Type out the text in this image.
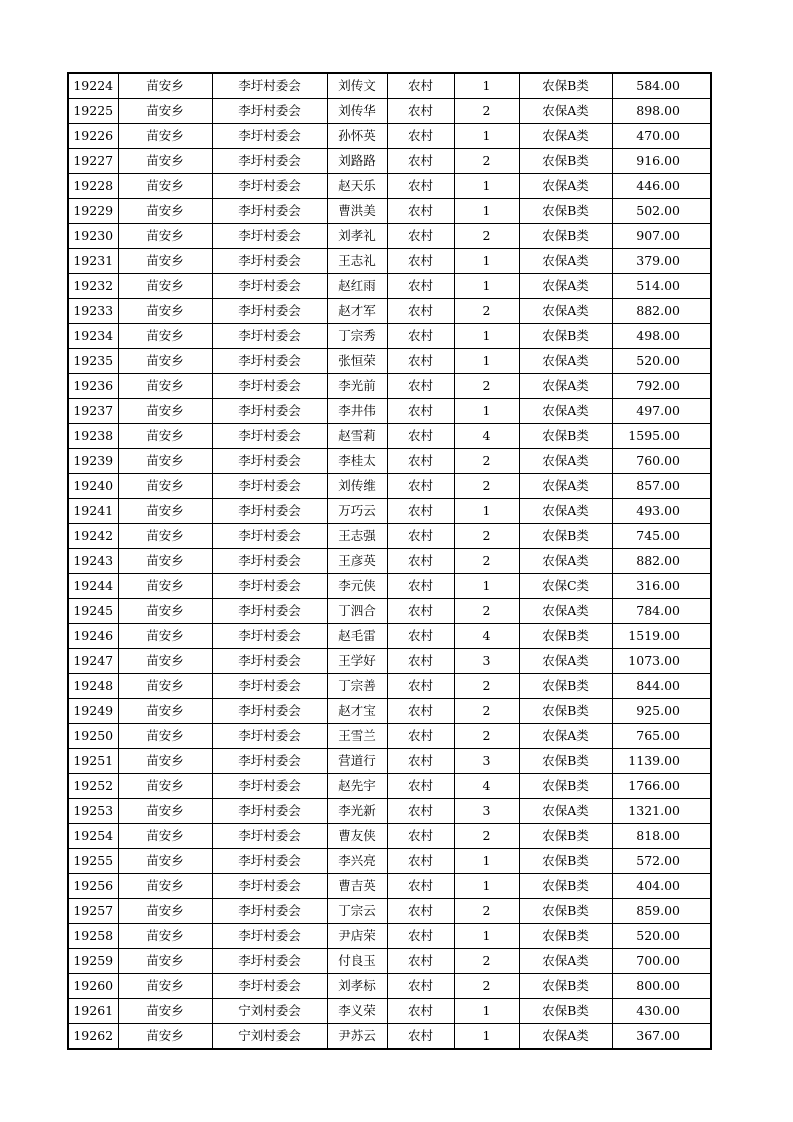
19224	苗安乡	李圩村委会	刘传文	农村	1	农保B类	584.00
19225	苗安乡	李圩村委会	刘传华	农村	2	农保A类	898.00
19226	苗安乡	李圩村委会	孙怀英	农村	1	农保A类	470.00
19227	苗安乡	李圩村委会	刘路路	农村	2	农保B类	916.00
19228	苗安乡	李圩村委会	赵天乐	农村	1	农保A类	446.00
19229	苗安乡	李圩村委会	曹洪美	农村	1	农保B类	502.00
19230	苗安乡	李圩村委会	刘孝礼	农村	2	农保B类	907.00
19231	苗安乡	李圩村委会	王志礼	农村	1	农保A类	379.00
19232	苗安乡	李圩村委会	赵红雨	农村	1	农保A类	514.00
19233	苗安乡	李圩村委会	赵才军	农村	2	农保A类	882.00
19234	苗安乡	李圩村委会	丁宗秀	农村	1	农保B类	498.00
19235	苗安乡	李圩村委会	张恒荣	农村	1	农保A类	520.00
19236	苗安乡	李圩村委会	李光前	农村	2	农保A类	792.00
19237	苗安乡	李圩村委会	李井伟	农村	1	农保A类	497.00
19238	苗安乡	李圩村委会	赵雪莉	农村	4	农保B类	1595.00
19239	苗安乡	李圩村委会	李桂太	农村	2	农保A类	760.00
19240	苗安乡	李圩村委会	刘传维	农村	2	农保A类	857.00
19241	苗安乡	李圩村委会	万巧云	农村	1	农保A类	493.00
19242	苗安乡	李圩村委会	王志强	农村	2	农保B类	745.00
19243	苗安乡	李圩村委会	王彦英	农村	2	农保A类	882.00
19244	苗安乡	李圩村委会	李元侠	农村	1	农保C类	316.00
19245	苗安乡	李圩村委会	丁泗合	农村	2	农保A类	784.00
19246	苗安乡	李圩村委会	赵毛雷	农村	4	农保B类	1519.00
19247	苗安乡	李圩村委会	王学好	农村	3	农保A类	1073.00
19248	苗安乡	李圩村委会	丁宗善	农村	2	农保B类	844.00
19249	苗安乡	李圩村委会	赵才宝	农村	2	农保B类	925.00
19250	苗安乡	李圩村委会	王雪兰	农村	2	农保A类	765.00
19251	苗安乡	李圩村委会	营道行	农村	3	农保B类	1139.00
19252	苗安乡	李圩村委会	赵先宇	农村	4	农保B类	1766.00
19253	苗安乡	李圩村委会	李光新	农村	3	农保A类	1321.00
19254	苗安乡	李圩村委会	曹友侠	农村	2	农保B类	818.00
19255	苗安乡	李圩村委会	李兴亮	农村	1	农保B类	572.00
19256	苗安乡	李圩村委会	曹吉英	农村	1	农保B类	404.00
19257	苗安乡	李圩村委会	丁宗云	农村	2	农保B类	859.00
19258	苗安乡	李圩村委会	尹店荣	农村	1	农保B类	520.00
19259	苗安乡	李圩村委会	付良玉	农村	2	农保A类	700.00
19260	苗安乡	李圩村委会	刘孝标	农村	2	农保B类	800.00
19261	苗安乡	宁刘村委会	李义荣	农村	1	农保B类	430.00
19262	苗安乡	宁刘村委会	尹苏云	农村	1	农保A类	367.00
